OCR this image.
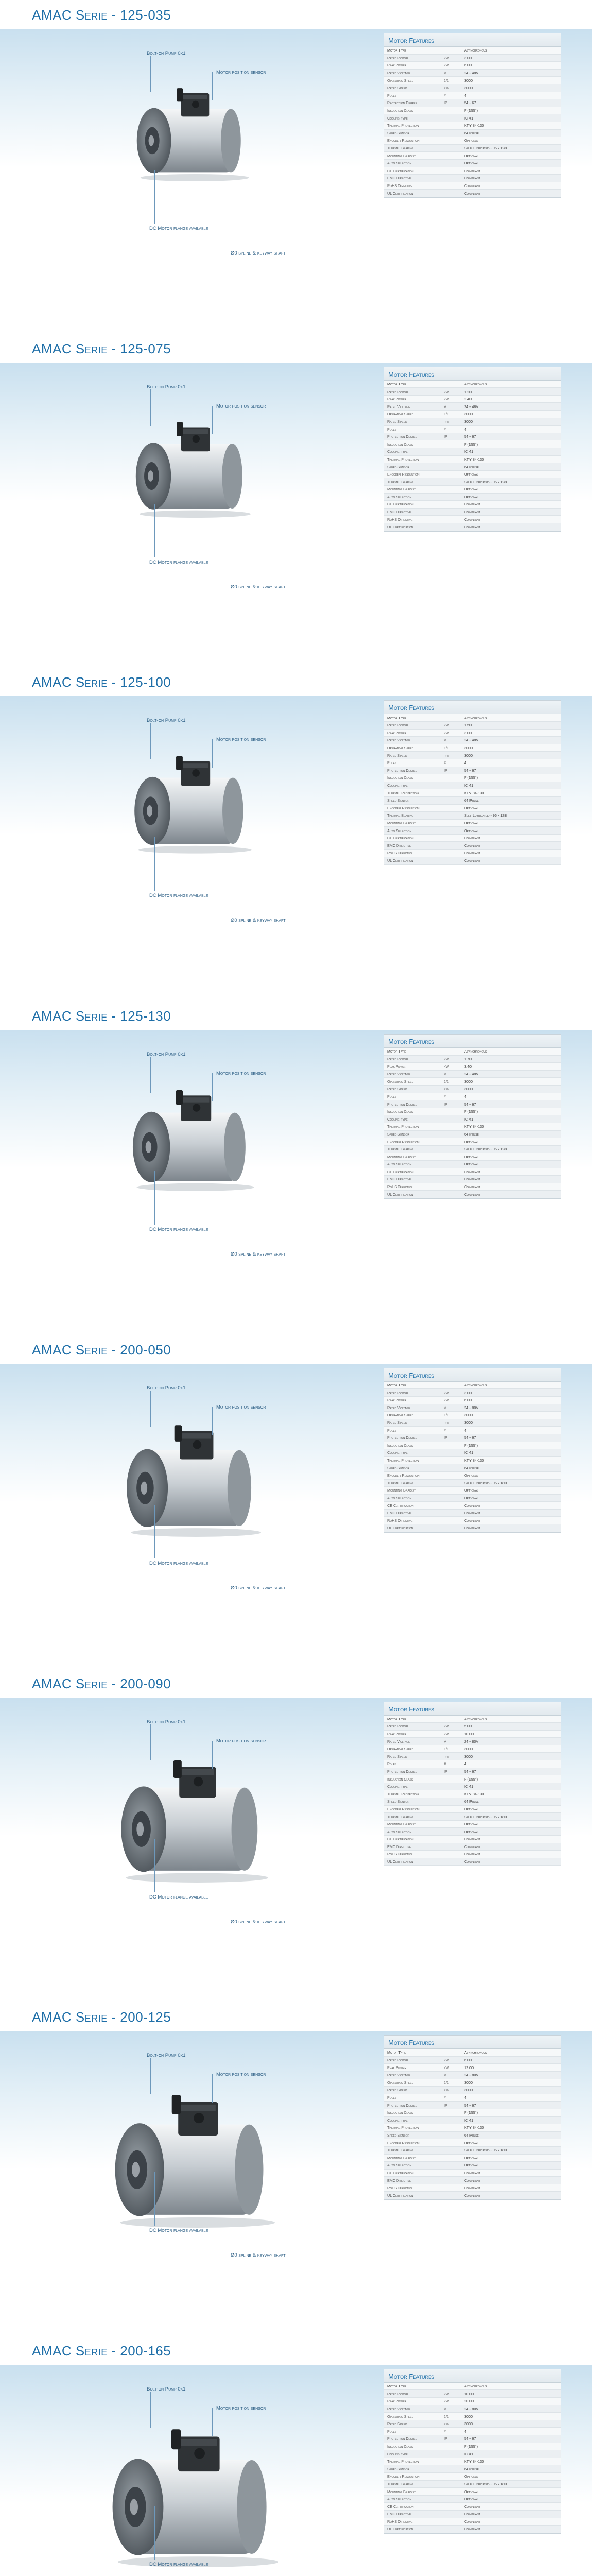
AMAC Serie - 125-035
Bolt-on Pump 0x1
Motor position sensor
DC Motor flange available
Ø0 spline & keyway shaft
Motor Features
Motor Type	Asynchronous
Rated Power	kW	3.00
Peak Power	kW	6.00
Rated Voltage	V	24 - 48V
Operating Speed	1/1	3000
Rated Speed	rpm	3000
Poles	#	4
Protection Degree	IP	54 - 67
Insulation Class	F (155°)
Cooling type	IC 41
Thermal Protection	KTY 84-130
Speed Sensor	64 Pulse
Encoder Resolution	Optional
Thermal Bearing	Self Lubricated - 96 x 128
Mounting Bracket	Optional
Auto Selection	Optional
CE Certification	Compliant
EMC Directive	Compliant
RoHS Directive	Compliant
UL Certification	Compliant
AMAC Serie - 125-075
Bolt-on Pump 0x1
Motor position sensor
DC Motor flange available
Ø0 spline & keyway shaft
Motor Features
Motor Type	Asynchronous
Rated Power	kW	1.20
Peak Power	kW	2.40
Rated Voltage	V	24 - 48V
Operating Speed	1/1	3000
Rated Speed	rpm	3000
Poles	#	4
Protection Degree	IP	54 - 67
Insulation Class	F (155°)
Cooling type	IC 41
Thermal Protection	KTY 84-130
Speed Sensor	64 Pulse
Encoder Resolution	Optional
Thermal Bearing	Self Lubricated - 96 x 128
Mounting Bracket	Optional
Auto Selection	Optional
CE Certification	Compliant
EMC Directive	Compliant
RoHS Directive	Compliant
UL Certification	Compliant
AMAC Serie - 125-100
Bolt-on Pump 0x1
Motor position sensor
DC Motor flange available
Ø0 spline & keyway shaft
Motor Features
Motor Type	Asynchronous
Rated Power	kW	1.50
Peak Power	kW	3.00
Rated Voltage	V	24 - 48V
Operating Speed	1/1	3000
Rated Speed	rpm	3000
Poles	#	4
Protection Degree	IP	54 - 67
Insulation Class	F (155°)
Cooling type	IC 41
Thermal Protection	KTY 84-130
Speed Sensor	64 Pulse
Encoder Resolution	Optional
Thermal Bearing	Self Lubricated - 96 x 128
Mounting Bracket	Optional
Auto Selection	Optional
CE Certification	Compliant
EMC Directive	Compliant
RoHS Directive	Compliant
UL Certification	Compliant
AMAC Serie - 125-130
Bolt-on Pump 0x1
Motor position sensor
DC Motor flange available
Ø0 spline & keyway shaft
Motor Features
Motor Type	Asynchronous
Rated Power	kW	1.70
Peak Power	kW	3.40
Rated Voltage	V	24 - 48V
Operating Speed	1/1	3000
Rated Speed	rpm	3000
Poles	#	4
Protection Degree	IP	54 - 67
Insulation Class	F (155°)
Cooling type	IC 41
Thermal Protection	KTY 84-130
Speed Sensor	64 Pulse
Encoder Resolution	Optional
Thermal Bearing	Self Lubricated - 96 x 128
Mounting Bracket	Optional
Auto Selection	Optional
CE Certification	Compliant
EMC Directive	Compliant
RoHS Directive	Compliant
UL Certification	Compliant
AMAC Serie - 200-050
Bolt-on Pump 0x1
Motor position sensor
DC Motor flange available
Ø0 spline & keyway shaft
Motor Features
Motor Type	Asynchronous
Rated Power	kW	3.00
Peak Power	kW	6.00
Rated Voltage	V	24 - 80V
Operating Speed	1/1	3000
Rated Speed	rpm	3000
Poles	#	4
Protection Degree	IP	54 - 67
Insulation Class	F (155°)
Cooling type	IC 41
Thermal Protection	KTY 84-130
Speed Sensor	64 Pulse
Encoder Resolution	Optional
Thermal Bearing	Self Lubricated - 96 x 180
Mounting Bracket	Optional
Auto Selection	Optional
CE Certification	Compliant
EMC Directive	Compliant
RoHS Directive	Compliant
UL Certification	Compliant
AMAC Serie - 200-090
Bolt-on Pump 0x1
Motor position sensor
DC Motor flange available
Ø0 spline & keyway shaft
Motor Features
Motor Type	Asynchronous
Rated Power	kW	5.00
Peak Power	kW	10.00
Rated Voltage	V	24 - 80V
Operating Speed	1/1	3000
Rated Speed	rpm	3000
Poles	#	4
Protection Degree	IP	54 - 67
Insulation Class	F (155°)
Cooling type	IC 41
Thermal Protection	KTY 84-130
Speed Sensor	64 Pulse
Encoder Resolution	Optional
Thermal Bearing	Self Lubricated - 96 x 180
Mounting Bracket	Optional
Auto Selection	Optional
CE Certification	Compliant
EMC Directive	Compliant
RoHS Directive	Compliant
UL Certification	Compliant
AMAC Serie - 200-125
Bolt-on Pump 0x1
Motor position sensor
DC Motor flange available
Ø0 spline & keyway shaft
Motor Features
Motor Type	Asynchronous
Rated Power	kW	6.00
Peak Power	kW	12.00
Rated Voltage	V	24 - 80V
Operating Speed	1/1	3000
Rated Speed	rpm	3000
Poles	#	4
Protection Degree	IP	54 - 67
Insulation Class	F (155°)
Cooling type	IC 41
Thermal Protection	KTY 84-130
Speed Sensor	64 Pulse
Encoder Resolution	Optional
Thermal Bearing	Self Lubricated - 96 x 180
Mounting Bracket	Optional
Auto Selection	Optional
CE Certification	Compliant
EMC Directive	Compliant
RoHS Directive	Compliant
UL Certification	Compliant
AMAC Serie - 200-165
Bolt-on Pump 0x1
Motor position sensor
DC Motor flange available
Motor Features
Motor Type	Asynchronous
Rated Power	kW	10.00
Peak Power	kW	20.00
Rated Voltage	V	24 - 80V
Operating Speed	1/1	3000
Rated Speed	rpm	3000
Poles	#	4
Protection Degree	IP	54 - 67
Insulation Class	F (155°)
Cooling type	IC 41
Thermal Protection	KTY 84-130
Speed Sensor	64 Pulse
Encoder Resolution	Optional
Thermal Bearing	Self Lubricated - 96 x 180
Mounting Bracket	Optional
Auto Selection	Optional
CE Certification	Compliant
EMC Directive	Compliant
RoHS Directive	Compliant
UL Certification	Compliant
